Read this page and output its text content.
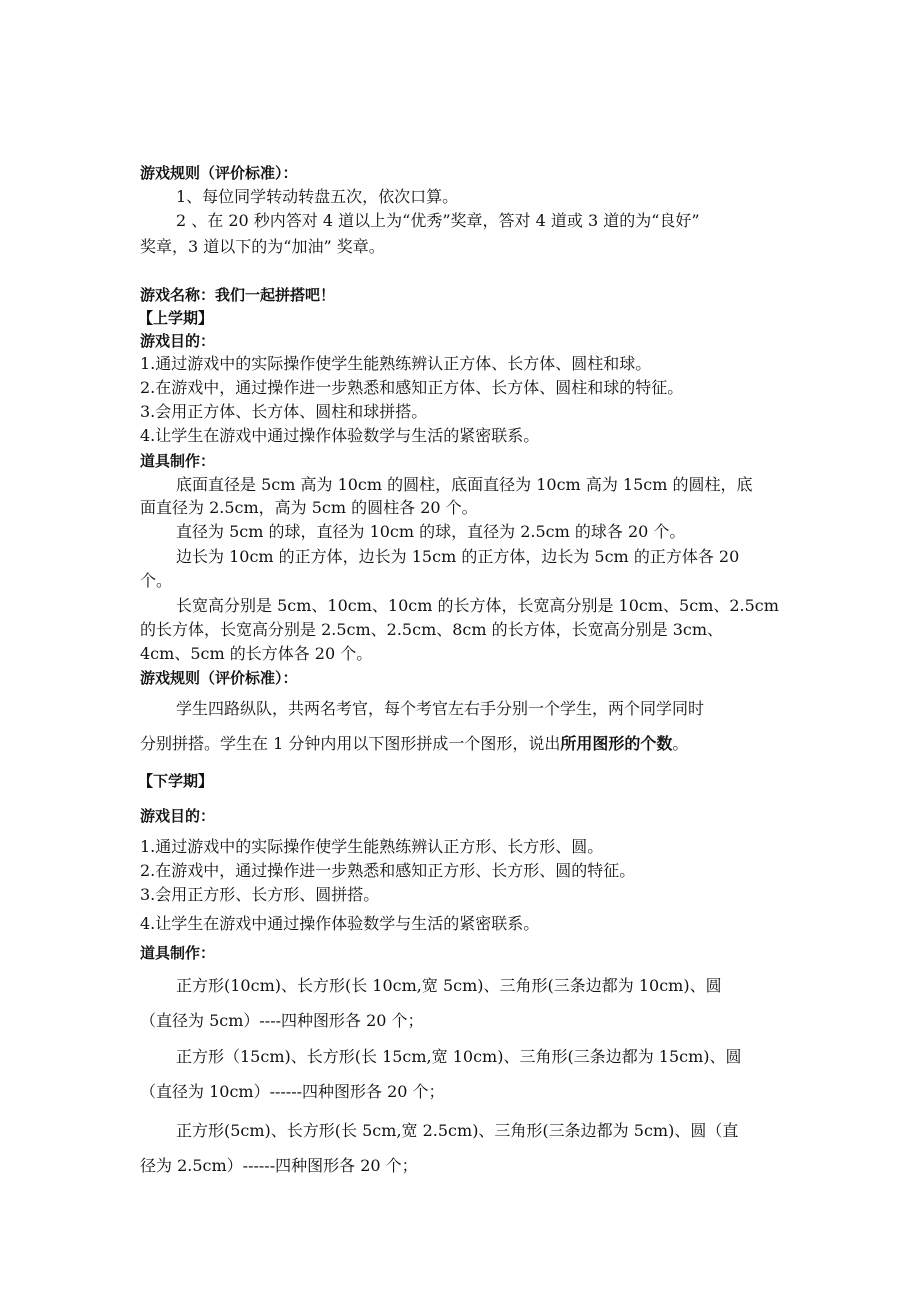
游戏规则（评价标准）：
1、每位同学转动转盘五次，依次口算。
2 、在 20 秒内答对 4 道以上为“优秀”奖章，答对 4 道或 3 道的为“良好”
奖章，3 道以下的为“加油” 奖章。
游戏名称：我们一起拼搭吧！
【上学期】
游戏目的：
1.通过游戏中的实际操作使学生能熟练辨认正方体、长方体、圆柱和球。
2.在游戏中，通过操作进一步熟悉和感知正方体、长方体、圆柱和球的特征。
3.会用正方体、长方体、圆柱和球拼搭。
4.让学生在游戏中通过操作体验数学与生活的紧密联系。
道具制作：
底面直径是 5cm 高为 10cm 的圆柱，底面直径为 10cm 高为 15cm 的圆柱，底
面直径为 2.5cm，高为 5cm 的圆柱各 20 个。
直径为 5cm 的球，直径为 10cm 的球，直径为 2.5cm 的球各 20 个。
边长为 10cm 的正方体，边长为 15cm 的正方体，边长为 5cm 的正方体各 20
个。
长宽高分别是 5cm、10cm、10cm 的长方体，长宽高分别是 10cm、5cm、2.5cm
的长方体，长宽高分别是 2.5cm、2.5cm、8cm 的长方体，长宽高分别是 3cm、
4cm、5cm 的长方体各 20 个。
游戏规则（评价标准）：
学生四路纵队，共两名考官，每个考官左右手分别一个学生，两个同学同时
分别拼搭。学生在 1 分钟内用以下图形拼成一个图形，说出所用图形的个数。
【下学期】
游戏目的：
1.通过游戏中的实际操作使学生能熟练辨认正方形、长方形、圆。
2.在游戏中，通过操作进一步熟悉和感知正方形、长方形、圆的特征。
3.会用正方形、长方形、圆拼搭。
4.让学生在游戏中通过操作体验数学与生活的紧密联系。
道具制作：
正方形(10cm)、长方形(长 10cm,宽 5cm)、三角形(三条边都为 10cm)、圆
（直径为 5cm）----四种图形各 20 个；
正方形（15cm)、长方形(长 15cm,宽 10cm)、三角形(三条边都为 15cm)、圆
（直径为 10cm）------四种图形各 20 个；
正方形(5cm)、长方形(长 5cm,宽 2.5cm)、三角形(三条边都为 5cm)、圆（直
径为 2.5cm）------四种图形各 20 个；
